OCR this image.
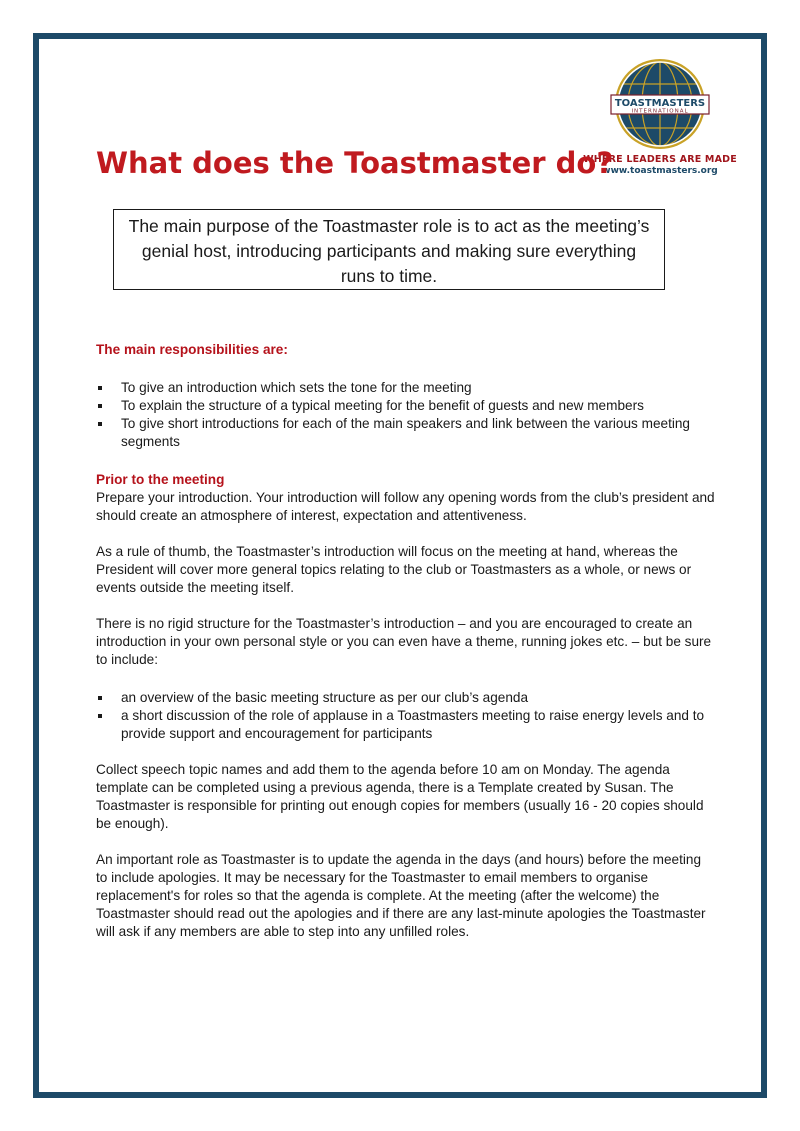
TOASTMASTERS
INTERNATIONAL
WHERE LEADERS ARE MADE
www.toastmasters.org
What does the Toastmaster do?
The main purpose of the Toastmaster role is to act as the meeting’s genial host, introducing participants and making sure everything runs to time.

The main responsibilities are:

To give an introduction which sets the tone for the meeting
To explain the structure of a typical meeting for the benefit of guests and new members
To give short introductions for each of the main speakers and link between the various meeting segments

Prior to the meeting

Prepare your introduction. Your introduction will follow any opening words from the club’s president and should create an atmosphere of interest, expectation and attentiveness.

As a rule of thumb, the Toastmaster’s introduction will focus on the meeting at hand, whereas the President will cover more general topics relating to the club or Toastmasters as a whole, or news or events outside the meeting itself.

There is no rigid structure for the Toastmaster’s introduction – and you are encouraged to create an introduction in your own personal style or you can even have a theme, running jokes etc. – but be sure to include:

an overview of the basic meeting structure as per our club’s agenda
a short discussion of the role of applause in a Toastmasters meeting to raise energy levels and to provide support and encouragement for participants

Collect speech topic names and add them to the agenda before 10 am on Monday. The agenda template can be completed using a previous agenda, there is a Template created by Susan. The Toastmaster is responsible for printing out enough copies for members (usually 16 - 20 copies should be enough).

An important role as Toastmaster is to update the agenda in the days (and hours) before the meeting to include apologies. It may be necessary for the Toastmaster to email members to organise replacement's for roles so that the agenda is complete. At the meeting (after the welcome) the Toastmaster should read out the apologies and if there are any last-minute apologies the Toastmaster will ask if any members are able to step into any unfilled roles.
